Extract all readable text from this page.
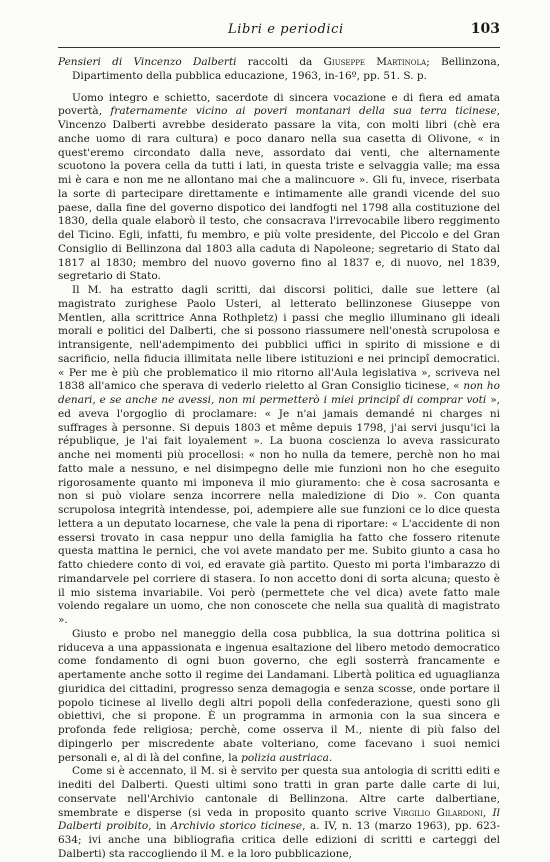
Libri e periodici	103
Pensieri di Vincenzo Dalberti raccolti da Giuseppe Martinola; Bellinzona, Dipartimento della pubblica educazione, 1963, in-16º, pp. 51. S. p.

Uomo integro e schietto, sacerdote di sincera vocazione e di fiera ed amata povertà, fraternamente vicino ai poveri montanari della sua terra ticinese, Vincenzo Dalberti avrebbe desiderato passare la vita, con molti libri (chè era anche uomo di rara cultura) e poco danaro nella sua casetta di Olivone, « in quest'eremo circondato dalla neve, assordato dai venti, che alternamente scuotono la povera cella da tutti i lati, in questa triste e selvaggia valle; ma essa mi è cara e non me ne allontano mai che a malincuore ». Gli fu, invece, riserbata la sorte di partecipare direttamente e intimamente alle grandi vicende del suo paese, dalla fine del governo dispotico dei landfogti nel 1798 alla costituzione del 1830, della quale elaborò il testo, che consacrava l'irrevocabile libero reggimento del Ticino. Egli, infatti, fu membro, e più volte presidente, del Piccolo e del Gran Consiglio di Bellinzona dal 1803 alla caduta di Napoleone; segretario di Stato dal 1817 al 1830; membro del nuovo governo fino al 1837 e, di nuovo, nel 1839, segretario di Stato.

Il M. ha estratto dagli scritti, dai discorsi politici, dalle sue lettere (al magistrato zurighese Paolo Usteri, al letterato bellinzonese Giuseppe von Mentlen, alla scrittrice Anna Rothpletz) i passi che meglio illuminano gli ideali morali e politici del Dalberti, che si possono riassumere nell'onestà scrupolosa e intransigente, nell'adempimento dei pubblici uffici in spirito di missione e di sacrificio, nella fiducia illimitata nelle libere istituzioni e nei principî democratici. « Per me è più che problematico il mio ritorno all'Aula legislativa », scriveva nel 1838 all'amico che sperava di vederlo rieletto al Gran Consiglio ticinese, « non ho denari, e se anche ne avessi, non mi permetterò i miei principî di comprar voti », ed aveva l'orgoglio di proclamare: « Je n'ai jamais demandé ni charges ni suffrages à personne. Si depuis 1803 et même depuis 1798, j'ai servi jusqu'ici la république, je l'ai fait loyalement ». La buona coscienza lo aveva rassicurato anche nei momenti più procellosi: « non ho nulla da temere, perchè non ho mai fatto male a nessuno, e nel disimpegno delle mie funzioni non ho che eseguito rigorosamente quanto mi imponeva il mio giuramento: che è cosa sacrosanta e non si può violare senza incorrere nella maledizione di Dio ». Con quanta scrupolosa integrità intendesse, poi, adempiere alle sue funzioni ce lo dice questa lettera a un deputato locarnese, che vale la pena di riportare: « L'accidente di non essersi trovato in casa neppur uno della famiglia ha fatto che fossero ritenute questa mattina le pernici, che voi avete mandato per me. Subito giunto a casa ho fatto chiedere conto di voi, ed eravate già partito. Questo mi porta l'imbarazzo di rimandarvele pel corriere di stasera. Io non accetto doni di sorta alcuna; questo è il mio sistema invariabile. Voi però (permettete che vel dica) avete fatto male volendo regalare un uomo, che non conoscete che nella sua qualità di magistrato ».

Giusto e probo nel maneggio della cosa pubblica, la sua dottrina politica si riduceva a una appassionata e ingenua esaltazione del libero metodo democratico come fondamento di ogni buon governo, che egli sosterrà francamente e apertamente anche sotto il regime dei Landamani. Libertà politica ed uguaglianza giuridica dei cittadini, progresso senza demagogia e senza scosse, onde portare il popolo ticinese al livello degli altri popoli della confederazione, questi sono gli obiettivi, che si propone. È un programma in armonia con la sua sincera e profonda fede religiosa; perchè, come osserva il M., niente di più falso del dipingerlo per miscredente abate volteriano, come facevano i suoi nemici personali e, al di là del confine, la polizia austriaca.

Come si è accennato, il M. si è servito per questa sua antologia di scritti editi e inediti del Dalberti. Questi ultimi sono tratti in gran parte dalle carte di lui, conservate nell'Archivio cantonale di Bellinzona. Altre carte dalbertiane, smembrate e disperse (si veda in proposito quanto scrive Virgilio Gilardoni, Il Dalberti proibito, in Archivio storico ticinese, a. IV, n. 13 (marzo 1963), pp. 623-634; ivi anche una bibliografia critica delle edizioni di scritti e carteggi del Dalberti) sta raccogliendo il M. e la loro pubblicazione,
